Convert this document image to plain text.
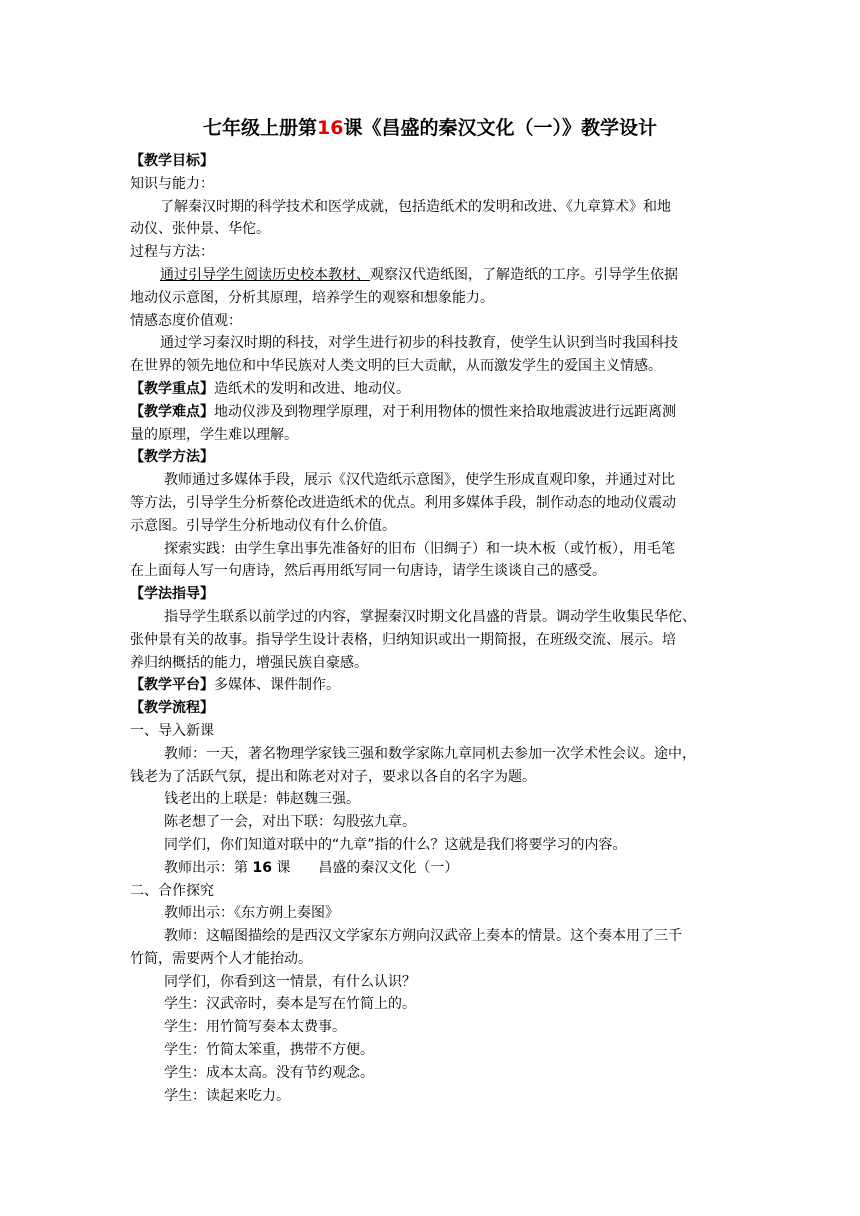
七年级上册第16课《昌盛的秦汉文化（一）》教学设计
【教学目标】
知识与能力：
了解秦汉时期的科学技术和医学成就，包括造纸术的发明和改进、《九章算术》和地
动仪、张仲景、华佗。
过程与方法：
通过引导学生阅读历史校本教材、观察汉代造纸图，了解造纸的工序。引导学生依据
地动仪示意图，分析其原理，培养学生的观察和想象能力。
情感态度价值观：
通过学习秦汉时期的科技，对学生进行初步的科技教育，使学生认识到当时我国科技
在世界的领先地位和中华民族对人类文明的巨大贡献，从而激发学生的爱国主义情感。
【教学重点】造纸术的发明和改进、地动仪。
【教学难点】地动仪涉及到物理学原理，对于利用物体的惯性来拾取地震波进行远距离测
量的原理，学生难以理解。
【教学方法】
教师通过多媒体手段，展示《汉代造纸示意图》，使学生形成直观印象，并通过对比
等方法，引导学生分析蔡伦改进造纸术的优点。利用多媒体手段，制作动态的地动仪震动
示意图。引导学生分析地动仪有什么价值。
探索实践：由学生拿出事先准备好的旧布（旧绸子）和一块木板（或竹板），用毛笔
在上面每人写一句唐诗，然后再用纸写同一句唐诗，请学生谈谈自己的感受。
【学法指导】
指导学生联系以前学过的内容，掌握秦汉时期文化昌盛的背景。调动学生收集民华佗、
张仲景有关的故事。指导学生设计表格，归纳知识或出一期简报，在班级交流、展示。培
养归纳概括的能力，增强民族自豪感。
【教学平台】多媒体、课件制作。
【教学流程】
一、导入新课
教师：一天，著名物理学家钱三强和数学家陈九章同机去参加一次学术性会议。途中，
钱老为了活跃气氛，提出和陈老对对子，要求以各自的名字为题。
钱老出的上联是：韩赵魏三强。
陈老想了一会，对出下联：勾股弦九章。
同学们，你们知道对联中的“九章”指的什么？这就是我们将要学习的内容。
教师出示：第 16 课 昌盛的秦汉文化（一）
二、合作探究
教师出示：《东方朔上奏图》
教师：这幅图描绘的是西汉文学家东方朔向汉武帝上奏本的情景。这个奏本用了三千
竹简，需要两个人才能抬动。
同学们，你看到这一情景，有什么认识？
学生：汉武帝时，奏本是写在竹简上的。
学生：用竹简写奏本太费事。
学生：竹简太笨重，携带不方便。
学生：成本太高。没有节约观念。
学生：读起来吃力。
